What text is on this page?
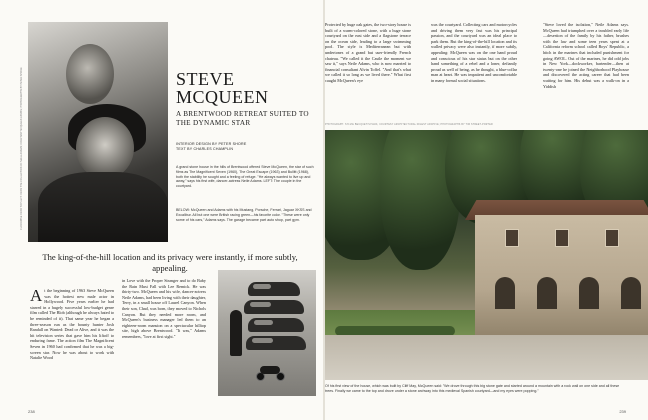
CLOCKWISE FROM TOP LEFT: FROM THE COLLECTION OF NEILE ADAMS; COURTESY MCQUEEN ESTATE; PHOTOGRAPHS BY PETER SHORE	STEVE
MCQUEEN
A BRENTWOOD RETREAT SUITED TO THE DYNAMIC STAR
INTERIOR DESIGN BY PETER SHORE
TEXT BY CHARLES CHAMPLIN
A grand stone house in the hills of Brentwood offered Steve McQueen, the star of such films as The Magnificent Seven (1960), The Great Escape (1963) and Bullitt (1968), both the stability he sought and a feeling of refuge. "He always wanted to live up and away," says his first wife, dancer-actress Neile Adams. LEFT: The couple in the courtyard.
BELOW: McQueen and Adams with his Mustang, Porsche, Ferrari, Jaguar XKSS and Excalibur. All but one were British racing green—his favorite color. "These were only some of his cars," Adams says. The garage became part auto shop, part gym.
The king-of-the-hill location and its privacy were instantly, if more subtly, appealing.
At the beginning of 1963 Steve McQueen was the hottest new male actor in Hollywood. Five years earlier he had starred in a hugely successful low-budget genre film called The Blob (although he always hated to be reminded of it). That same year he began a three-season run as the bounty hunter Josh Randall on Wanted: Dead or Alive, and it was the hit television series that gave him his liftoff to enduring fame. The action film The Magnificent Seven in 1960 had confirmed that he was a big-screen star. Now he was about to work with Natalie Wood
in Love with the Proper Stranger and to do Baby the Rain Must Fall with Lee Remick. He was thirty-two. McQueen and his wife, dancer-actress Neile Adams, had been living with their daughter, Terry, in a small house off Laurel Canyon. When their son, Chad, was born, they moved to Nichols Canyon. But they needed more room, and McQueen's business manager led them to an eighteen-room mansion on a spectacular hilltop site, high above Brentwood. "It was," Adams remembers, "love at first sight."
238
Protected by huge oak gates, the two-story house is built of a warm-colored stone, with a huge stone courtyard on the east side and a flagstone terrace on the ocean side, leading to a large swimming pool. The style is Mediterranean but with undertones of a grand but user-friendly French chateau. "We called it the Castle the moment we saw it," says Neile Adams, who is now married to financial consultant Alvin Toffel. "And that's what we called it so long as we lived there." What first caught McQueen's eye
was the courtyard. Collecting cars and motorcycles and driving them very fast was his principal passion, and the courtyard was an ideal place to park them. But the king-of-the-hill location and its walled privacy were also instantly, if more subtly, appealing: McQueen was on the one hand proud and conscious of his star status but on the other hand something of a rebel and a loner, defiantly proud as well of being, as he thought, a blue-collar man at heart. He was impatient and uncomfortable in many formal social situations.
"Steve loved the isolation," Neile Adams says. McQueen had triumphed over a troubled early life—desertion of the family by his father, brushes with the law and some teen years spent at a California reform school called Boys' Republic, a hitch in the marines that included punishment for going AWOL. Out of the marines, he did odd jobs in New York—dockworker, bartender—then at twenty-one he joined the Neighborhood Playhouse and discovered the acting career that had been waiting for him. His debut was a walk-on in a Yiddish
PHOTOGRAPH: SYLVIE BECQUET/SYGMA; COURTESY ARCHITECTURAL DIGEST ARCHIVE; PHOTOGRAPHS BY TIM STREET-PORTER
Of his first view of the house, which was built by Cliff May, McQueen said: "We drove through this big stone gate and started around a mountain with a rock wall on one side and all these trees. Finally we came to the top and drove under a stone archway into this medieval Spanish courtyard—and my eyes were popping."
239
